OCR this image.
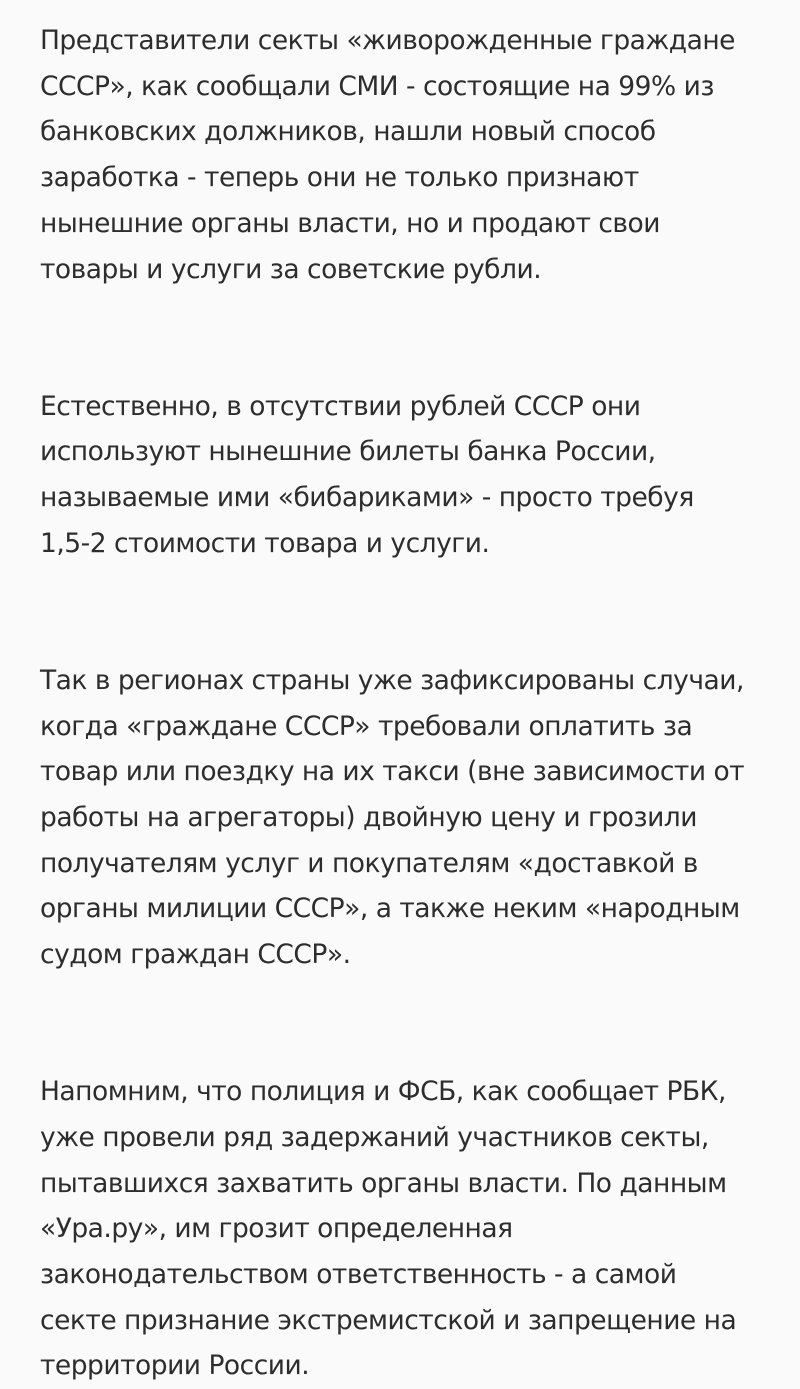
Представители секты «живорожденные граждане
СССР», как сообщали СМИ - состоящие на 99% из
банковских должников, нашли новый способ
заработка - теперь они не только признают
нынешние органы власти, но и продают свои
товары и услуги за советские рубли.
Естественно, в отсутствии рублей СССР они
используют нынешние билеты банка России,
называемые ими «бибариками» - просто требуя
1,5-2 стоимости товара и услуги.
Так в регионах страны уже зафиксированы случаи,
когда «граждане СССР» требовали оплатить за
товар или поездку на их такси (вне зависимости от
работы на агрегаторы) двойную цену и грозили
получателям услуг и покупателям «доставкой в
органы милиции СССР», а также неким «народным
судом граждан СССР».
Напомним, что полиция и ФСБ, как сообщает РБК,
уже провели ряд задержаний участников секты,
пытавшихся захватить органы власти. По данным
«Ура.ру», им грозит определенная
законодательством ответственность - а самой
секте признание экстремистской и запрещение на
территории России.
